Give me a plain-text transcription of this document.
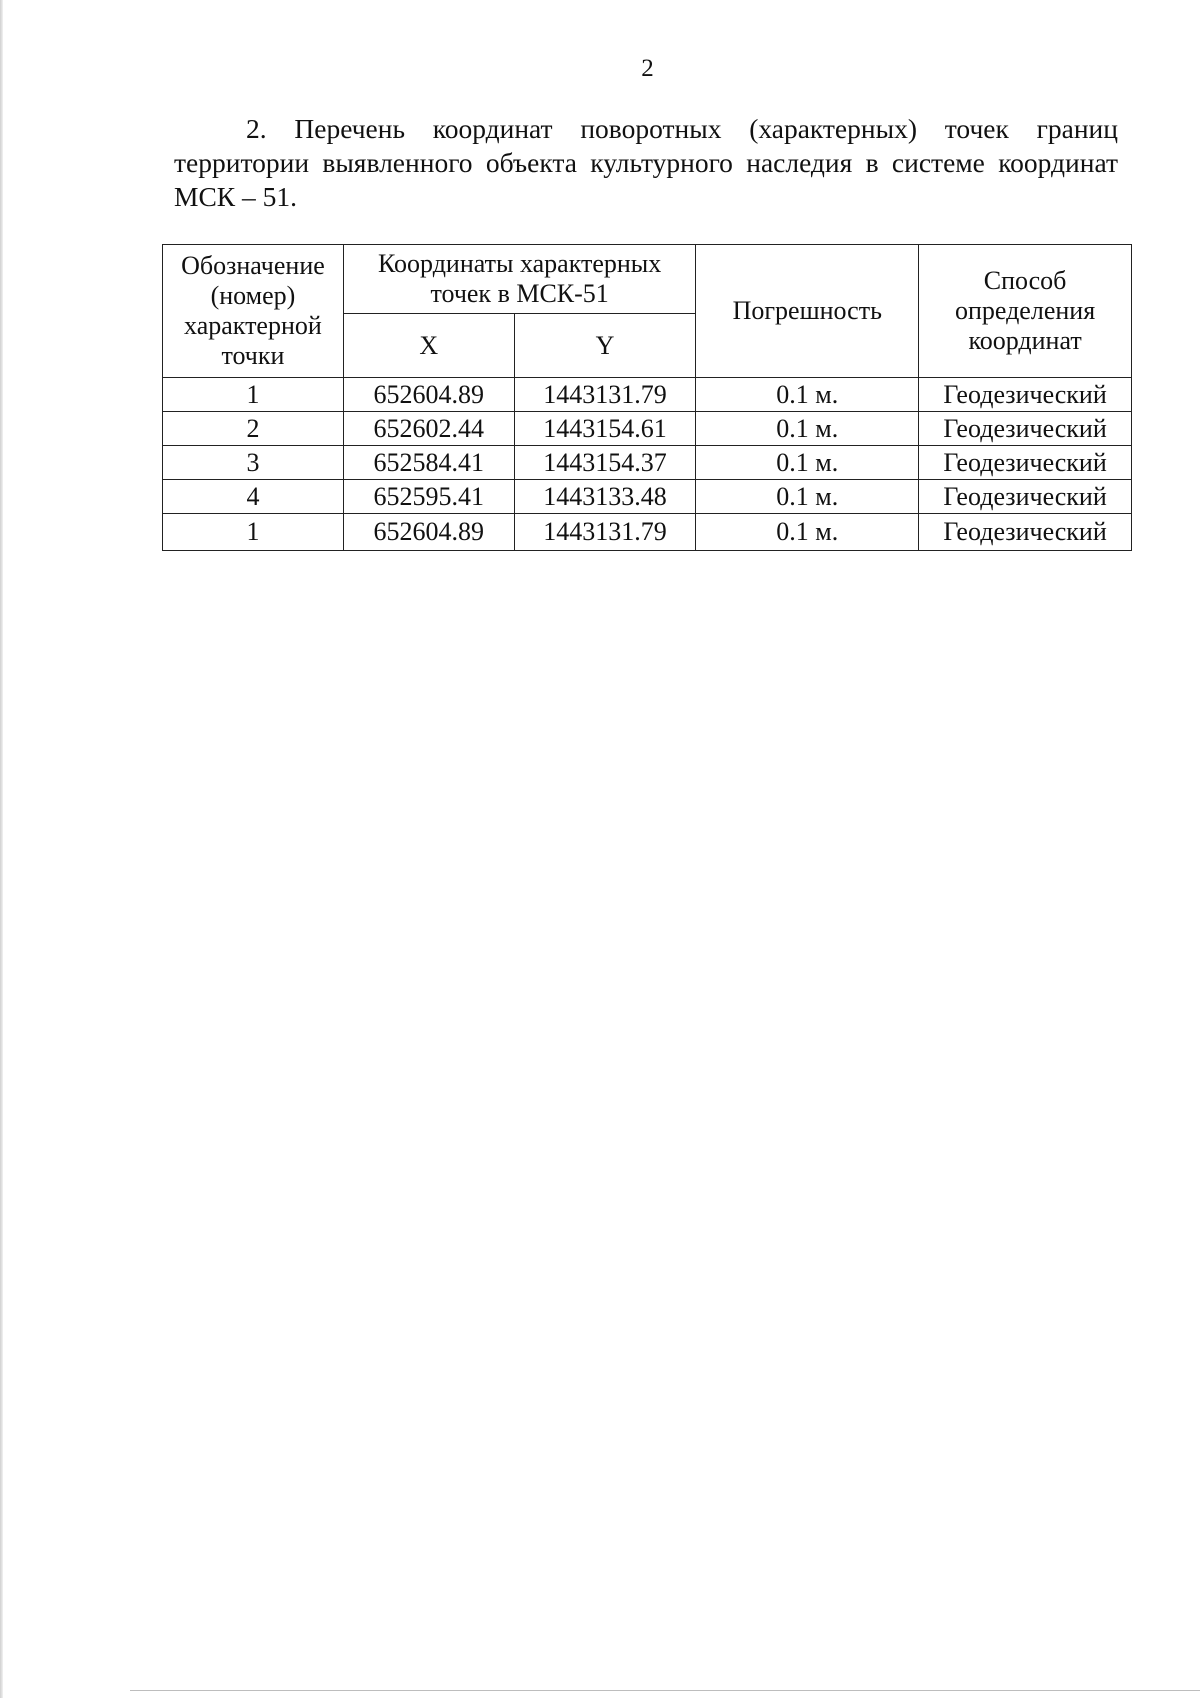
2

2. Перечень координат поворотных (характерных) точек границ территории выявленного объекта культурного наследия в системе координат МСК – 51.

Обозначение (номер) характерной точки	Координаты характерных точек в МСК-51		Погрешность	Способ определения координат
	X	Y		
1	652604.89	1443131.79	0.1 м.	Геодезический
2	652602.44	1443154.61	0.1 м.	Геодезический
3	652584.41	1443154.37	0.1 м.	Геодезический
4	652595.41	1443133.48	0.1 м.	Геодезический
1	652604.89	1443131.79	0.1 м.	Геодезический
